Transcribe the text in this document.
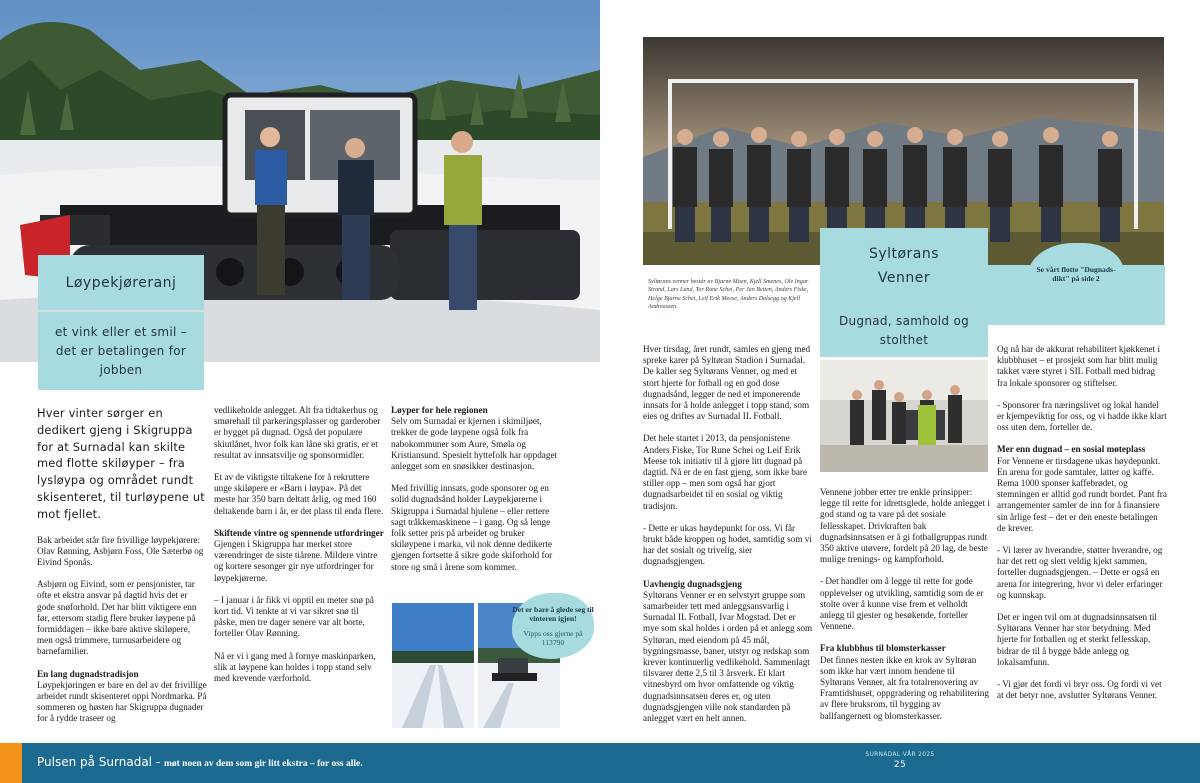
Løypekjøreranj
et vink eller et smil – det er betalingen for jobben
Hver vinter sørger en dedikert gjeng i Skigruppa for at Surnadal kan skilte med flotte skiløyper – fra lysløypa og området rundt skisenteret, til turløypene ut mot fjellet.

Bak arbeidet står fire frivillige løypekjørere: Olav Rønning, Asbjørn Foss, Ole Sæterbø og Eivind Sponås.

Asbjørn og Eivind, som er pensjonister, tar ofte et ekstra ansvar på dagtid hvis det er gode snøforhold. Det har blitt viktigere enn før, ettersom stadig flere bruker løypene på formiddagen – ikke bare aktive skiløpere, men også trimmere, turnusarbeidere og barnefamilier.

En lang dugnadstradisjon

Løypekjøringen er bare en del av det frivillige arbeidet rundt skisenteret oppi Nordmarka. På sommeren og høsten har Skigruppa dugnader for å rydde traseer og

vedlikeholde anlegget. Alt fra tidtakerhus og smørehall til parkeringsplasser og garderober er bygget på dugnad. Også det populære skiutlånet, hvor folk kan låne ski gratis, er et resultat av innsatsvilje og sponsormidler.

Et av de viktigste tiltakene for å rekruttere unge skiløpere er «Barn i løypa». På det meste har 350 barn deltatt årlig, og med 160 deltakende barn i år, er det plass til enda flere.

Skiftende vintre og spennende utfordringer

Gjengen i Skigruppa har merket store værendringer de siste tiårene. Mildere vintre og kortere sesonger gir nye utfordringer for løypekjørerne.

– I januar i år fikk vi opptil en meter snø på kort tid. Vi tenkte at vi var sikret snø til påske, men tre dager senere var alt borte, forteller Olav Rønning.

Nå er vi i gang med å fornye maskinparken, slik at løypene kan holdes i topp stand selv med krevende værforhold.

Løyper for hele regionen

Selv om Surnadal er kjernen i skimiljøet, trekker de gode løypene også folk fra nabokommuner som Aure, Smøla og Kristiansund. Spesielt hyttefolk har oppdaget anlegget som en snøsikker destinasjon.

Med frivillig innsats, gode sponsorer og en solid dugnadsånd holder Løypekjørerne i Skigruppa i Surnadal hjulene – eller rettere sagt tråkkemaskinene – i gang. Og så lenge folk setter pris på arbeidet og bruker skiløypene i marka, vil nok denne dedikerte gjengen fortsette å sikre gode skiforhold for store og små i årene som kommer.

Det er bare å glede seg til vinteren igjen!
Vipps oss gjerne på 113790
Syltørans venner består av Bjarne Moen, Kjell Smenes, Ole Ingar Strand, Lars Lund, Tor Rune Schei, Per Jan Betten, Anders Fiske, Helge Bjarne Schei, Leif Erik Meese, Anders Dalsegg og Kjell Andreassen.
Syltørans Venner
Dugnad, samhold og stolthet
Se vårt flotte "Dugnads-dikt" på side 2

Hver tirsdag, året rundt, samles en gjeng med spreke karer på Syltøran Stadion i Surnadal. De kaller seg Syltørans Venner, og med et stort hjerte for fotball og en god dose dugnadsånd, legger de ned et imponerende innsats for å holde anlegget i topp stand, som eies og driftes av Surnadal IL Fotball.

Det hele startet i 2013, da pensjonistene Anders Fiske, Tor Rune Schei og Leif Erik Meese tok initiativ til å gjøre litt dugnad på dagtid. Nå er de en fast gjeng, som ikke bare stiller opp – men som også har gjort dugnadsarbeidet til en sosial og viktig tradisjon.

- Dette er ukas høydepunkt for oss. Vi får brukt både kroppen og hodet, samtidig som vi har det sosialt og trivelig, sier dugnadsgjengen.

Uavhengig dugnadsgjeng

Syltørans Venner er en selvstyrt gruppe som samarbeider tett med anleggsansvarlig i Surnadal IL Fotball, Ivar Mogstad. Det er mye som skal holdes i orden på et anlegg som Syltøran, med eiendom på 45 mål, bygningsmasse, baner, utstyr og redskap som krever kontinuerlig vedlikehold. Sammenlagt tilsvarer dette 2,5 til 3 årsverk. Et klart vitnesbyrd om hvor omfattende og viktig dugnadsinnsatsen deres er, og uten dugnadsgjengen ville nok standarden på anlegget vært en helt annen.

Vennene jobber etter tre enkle prinsipper: legge til rette for idrettsglede, holde anlegget i god stand og ta vare på det sosiale fellesskapet. Drivkraften bak dugnadsinnsatsen er å gi fotballgruppas rundt 350 aktive utøvere, fordelt på 20 lag, de beste mulige trenings- og kampforhold.

- Det handler om å legge til rette for gode opplevelser og utvikling, samtidig som de er stolte over å kunne vise frem et velholdt anlegg til gjester og besøkende, forteller Vennene.

Fra klubbhus til blomsterkasser

Det finnes nesten ikke en krok av Syltøran som ikke har vært innom hendene til Syltørans Venner, alt fra totalrenovering av Framtidshuset, oppgradering og rehabilitering av flere bruksrom, til bygging av ballfangernett og blomsterkasser.

Og nå har de akkurat rehabilitert kjøkkenet i klubbhuset – et prosjekt som har blitt mulig takket være styret i SIL Fotball med bidrag fra lokale sponsorer og stiftelser.

- Sponsorer fra næringslivet og lokal handel er kjempeviktig for oss, og vi hadde ikke klart oss uten dem, forteller de.

Mer enn dugnad – en sosial møteplass

For Vennene er tirsdagene ukas høydepunkt. En arena for gode samtaler, latter og kaffe. Rema 1000 sponser kaffebrødet, og stemningen er alltid god rundt bordet. Pant fra arrangementer samler de inn for å finansiere sin årlige fest – det er den eneste betalingen de krever.

- Vi lærer av hverandre, støtter hverandre, og har det rett og slett veldig kjekt sammen, forteller dugnadsgjengen. – Dette er også en arena for integrering, hvor vi deler erfaringer og kunnskap.

Det er ingen tvil om at dugnadsinnsatsen til Syltørans Venner har stor betydning. Med hjerte for fotballen og et sterkt fellesskap, bidrar de til å bygge både anlegg og lokalsamfunn.

- Vi gjør det fordi vi bryr oss. Og fordi vi vet at det betyr noe, avslutter Syltørans Venner.

Pulsen på Surnadal - møt noen av dem som gir litt ekstra – for oss alle.
SURNADAL VÅR 2025
25
